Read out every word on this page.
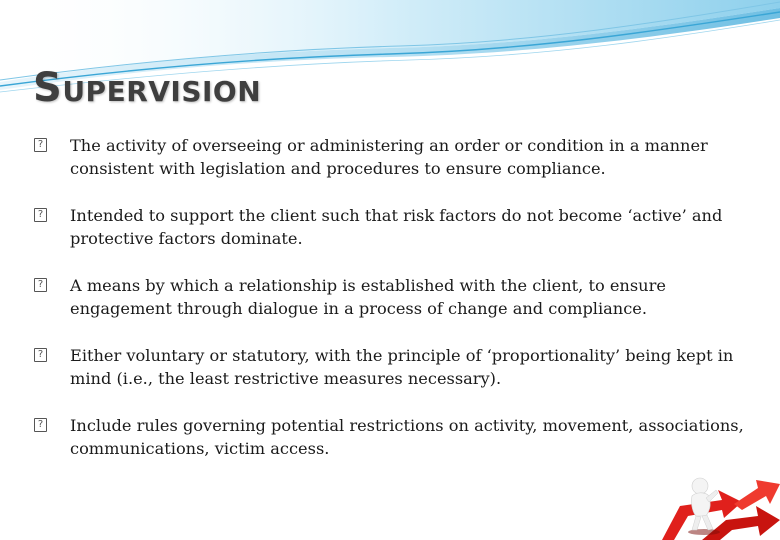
SUPERVISION
? The activity of overseeing or administering an order or condition in a manner consistent with legislation and procedures to ensure compliance.
? Intended to support the client such that risk factors do not become ‘active’ and protective factors dominate.
? A means by which a relationship is established with the client, to ensure engagement through dialogue in a process of change and compliance.
? Either voluntary or statutory, with the principle of ‘proportionality’ being kept in mind (i.e., the least restrictive measures necessary).
? Include rules governing potential restrictions on activity, movement, associations, communications, victim access.
